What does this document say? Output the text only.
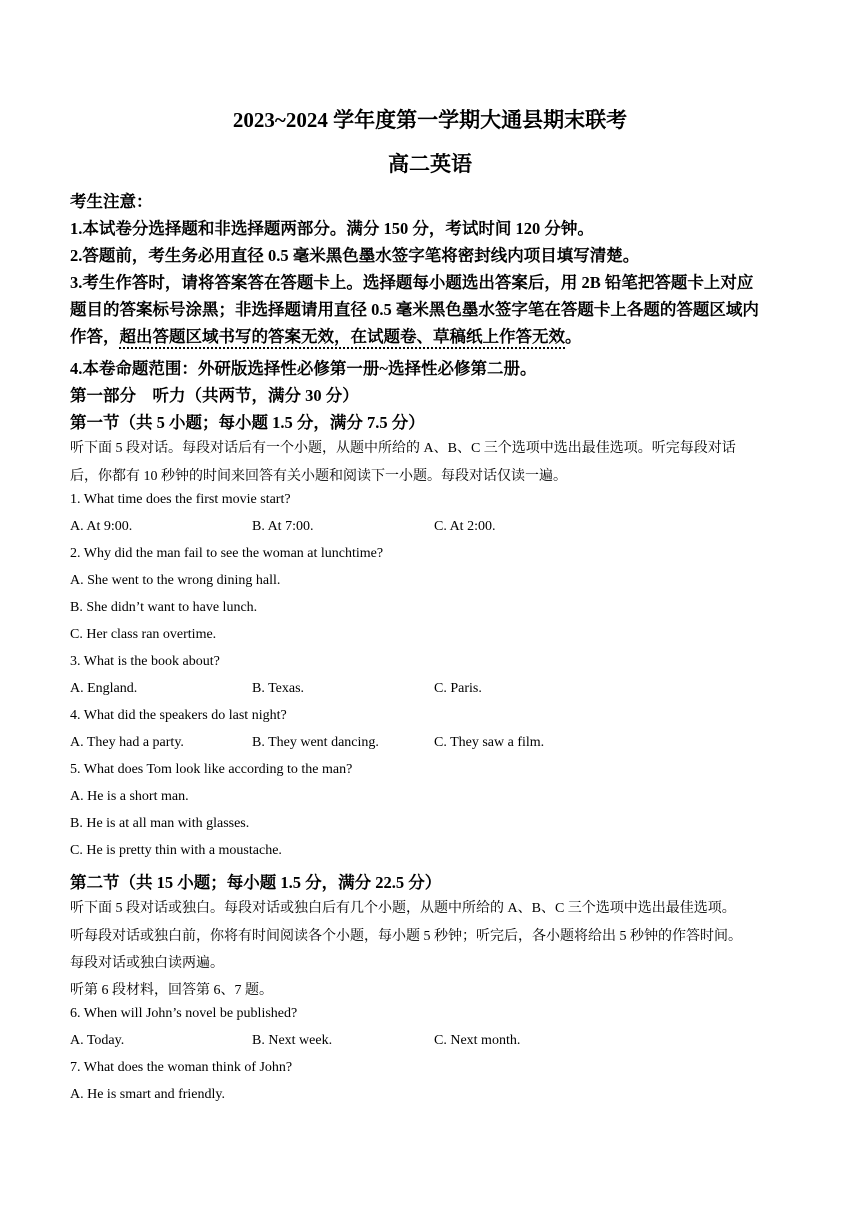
2023~2024 学年度第一学期大通县期末联考
高二英语
考生注意：
1.本试卷分选择题和非选择题两部分。满分 150 分，考试时间 120 分钟。
2.答题前，考生务必用直径 0.5 毫米黑色墨水签字笔将密封线内项目填写清楚。
3.考生作答时，请将答案答在答题卡上。选择题每小题选出答案后，用 2B 铅笔把答题卡上对应
题目的答案标号涂黑；非选择题请用直径 0.5 毫米黑色墨水签字笔在答题卡上各题的答题区域内
作答，超出答题区域书写的答案无效，在试题卷、草稿纸上作答无效。
4.本卷命题范围：外研版选择性必修第一册~选择性必修第二册。
第一部分　听力（共两节，满分 30 分）
第一节（共 5 小题；每小题 1.5 分，满分 7.5 分）
听下面 5 段对话。每段对话后有一个小题，从题中所给的 A、B、C 三个选项中选出最佳选项。听完每段对话
后，你都有 10 秒钟的时间来回答有关小题和阅读下一小题。每段对话仅读一遍。
1. What time does the first movie start?
A. At 9:00.	B. At 7:00.	C. At 2:00.
2. Why did the man fail to see the woman at lunchtime?
A. She went to the wrong dining hall.
B. She didn’t want to have lunch.
C. Her class ran overtime.
3. What is the book about?
A. England.	B. Texas.	C. Paris.
4. What did the speakers do last night?
A. They had a party.	B. They went dancing.	C. They saw a film.
5. What does Tom look like according to the man?
A. He is a short man.
B. He is at all man with glasses.
C. He is pretty thin with a moustache.
第二节（共 15 小题；每小题 1.5 分，满分 22.5 分）
听下面 5 段对话或独白。每段对话或独白后有几个小题，从题中所给的 A、B、C 三个选项中选出最佳选项。
听每段对话或独白前，你将有时间阅读各个小题，每小题 5 秒钟；听完后，各小题将给出 5 秒钟的作答时间。
每段对话或独白读两遍。
听第 6 段材料，回答第 6、7 题。
6. When will John’s novel be published?
A. Today.	B. Next week.	C. Next month.
7. What does the woman think of John?
A. He is smart and friendly.
